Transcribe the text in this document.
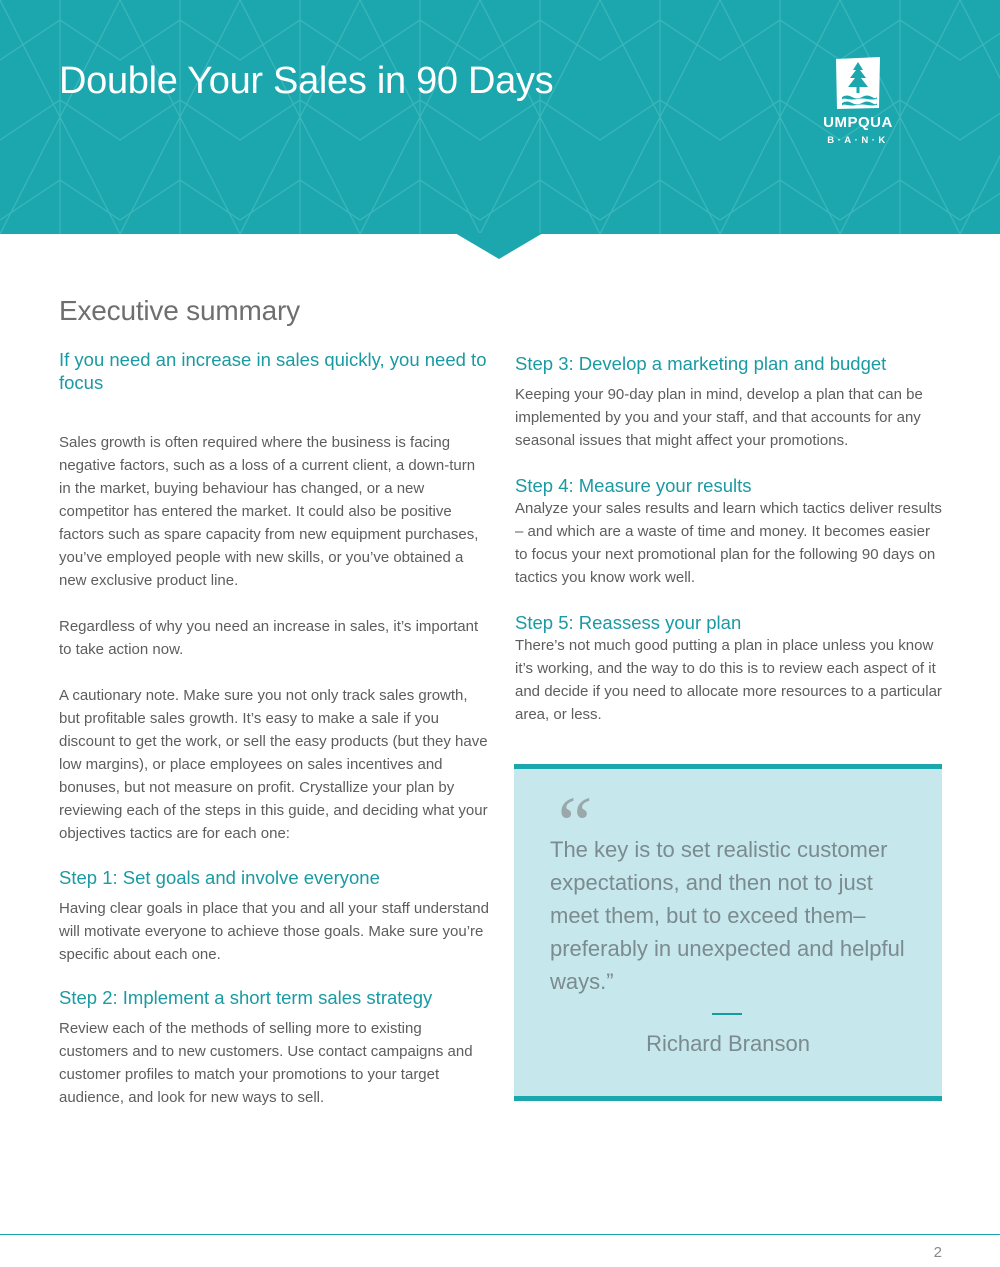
Double Your Sales in 90 Days
UMPQUA
B·A·N·K
Executive summary
If you need an increase in sales quickly, you need to focus

Sales growth is often required where the business is facing negative factors, such as a loss of a current client, a down-turn in the market, buying behaviour has changed, or a new competitor has entered the market. It could also be positive factors such as spare capacity from new equipment purchases, you’ve employed people with new skills, or you’ve obtained a new exclusive product line.

Regardless of why you need an increase in sales, it’s important to take action now.

A cautionary note. Make sure you not only track sales growth, but profitable sales growth. It’s easy to make a sale if you discount to get the work, or sell the easy products (but they have low margins), or place employees on sales incentives and bonuses, but not measure on profit. Crystallize your plan by reviewing each of the steps in this guide, and deciding what your objectives tactics are for each one:

Step 1: Set goals and involve everyone

Having clear goals in place that you and all your staff understand will motivate everyone to achieve those goals. Make sure you’re specific about each one.

Step 2: Implement a short term sales strategy

Review each of the methods of selling more to existing customers and to new customers. Use contact campaigns and customer profiles to match your promotions to your target audience, and look for new ways to sell.

Step 3: Develop a marketing plan and budget

Keeping your 90-day plan in mind, develop a plan that can be implemented by you and your staff, and that accounts for any seasonal issues that might affect your promotions.

Step 4: Measure your results

Analyze your sales results and learn which tactics deliver results – and which are a waste of time and money. It becomes easier to focus your next promotional plan for the following 90 days on tactics you know work well.

Step 5: Reassess your plan

There’s not much good putting a plan in place unless you know it’s working, and the way to do this is to review each aspect of it and decide if you need to allocate more resources to a particular area, or less.

“
The key is to set realistic customer expectations, and then not to just meet them, but to exceed them– preferably in unexpected and helpful ways.”
Richard Branson
2
